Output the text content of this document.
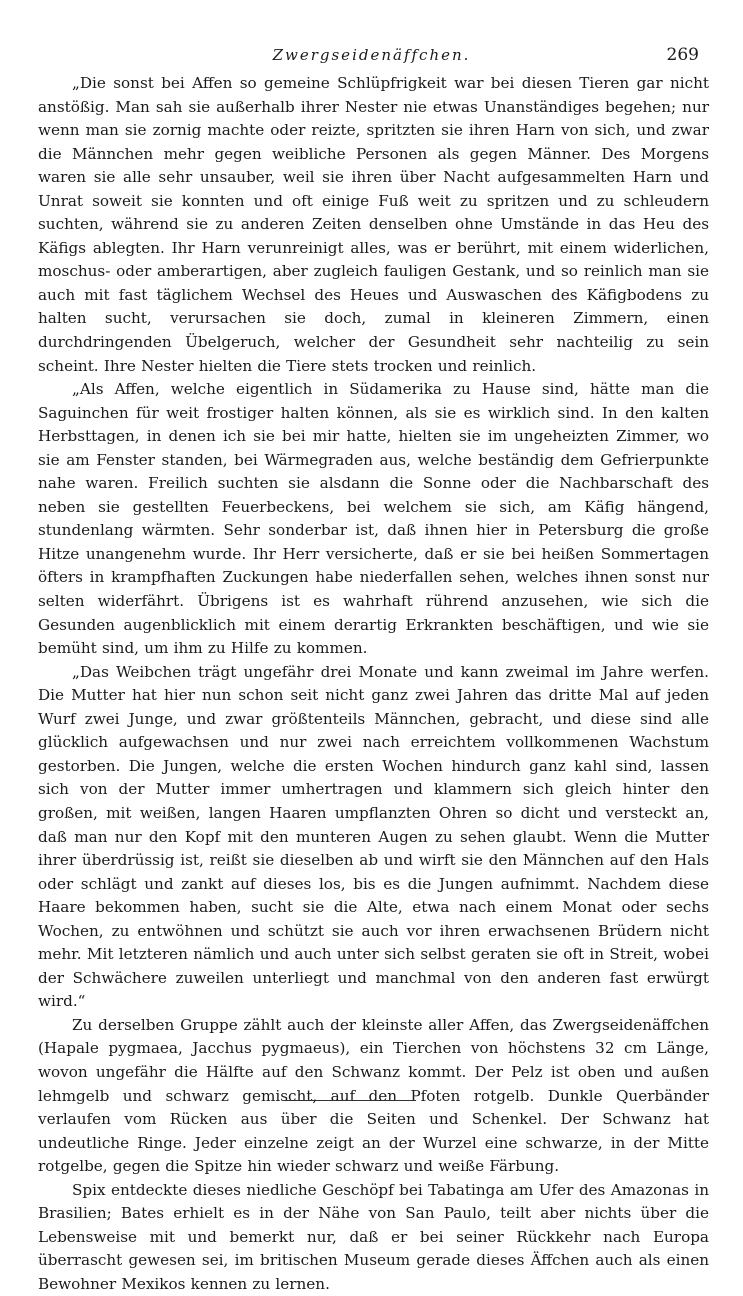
Zwergseidenäffchen.	269

„Die sonst bei Affen so gemeine Schlüpfrigkeit war bei diesen Tieren gar nicht anstößig. Man sah sie außerhalb ihrer Nester nie etwas Unanständiges begehen; nur wenn man sie zornig machte oder reizte, spritzten sie ihren Harn von sich, und zwar die Männchen mehr gegen weibliche Personen als gegen Männer. Des Morgens waren sie alle sehr unsauber, weil sie ihren über Nacht aufgesammelten Harn und Unrat soweit sie konnten und oft einige Fuß weit zu spritzen und zu schleudern suchten, während sie zu anderen Zeiten denselben ohne Umstände in das Heu des Käfigs ablegten. Ihr Harn verunreinigt alles, was er berührt, mit einem widerlichen, moschus- oder amberartigen, aber zugleich fauligen Gestank, und so reinlich man sie auch mit fast täglichem Wechsel des Heues und Auswaschen des Käfigbodens zu halten sucht, verursachen sie doch, zumal in kleineren Zimmern, einen durchdringenden Übelgeruch, welcher der Gesundheit sehr nachteilig zu sein scheint. Ihre Nester hielten die Tiere stets trocken und reinlich.

„Als Affen, welche eigentlich in Südamerika zu Hause sind, hätte man die Saguinchen für weit frostiger halten können, als sie es wirklich sind. In den kalten Herbsttagen, in denen ich sie bei mir hatte, hielten sie im ungeheizten Zimmer, wo sie am Fenster standen, bei Wärmegraden aus, welche beständig dem Gefrierpunkte nahe waren. Freilich suchten sie alsdann die Sonne oder die Nachbarschaft des neben sie gestellten Feuerbeckens, bei welchem sie sich, am Käfig hängend, stundenlang wärmten. Sehr sonderbar ist, daß ihnen hier in Petersburg die große Hitze unangenehm wurde. Ihr Herr versicherte, daß er sie bei heißen Sommertagen öfters in krampfhaften Zuckungen habe niederfallen sehen, welches ihnen sonst nur selten widerfährt. Übrigens ist es wahrhaft rührend anzusehen, wie sich die Gesunden augenblicklich mit einem derartig Erkrankten beschäftigen, und wie sie bemüht sind, um ihm zu Hilfe zu kommen.

„Das Weibchen trägt ungefähr drei Monate und kann zweimal im Jahre werfen. Die Mutter hat hier nun schon seit nicht ganz zwei Jahren das dritte Mal auf jeden Wurf zwei Junge, und zwar größtenteils Männchen, gebracht, und diese sind alle glücklich aufgewachsen und nur zwei nach erreichtem vollkommenen Wachstum gestorben. Die Jungen, welche die ersten Wochen hindurch ganz kahl sind, lassen sich von der Mutter immer umhertragen und klammern sich gleich hinter den großen, mit weißen, langen Haaren umpflanzten Ohren so dicht und versteckt an, daß man nur den Kopf mit den munteren Augen zu sehen glaubt. Wenn die Mutter ihrer überdrüssig ist, reißt sie dieselben ab und wirft sie den Männchen auf den Hals oder schlägt und zankt auf dieses los, bis es die Jungen aufnimmt. Nachdem diese Haare bekommen haben, sucht sie die Alte, etwa nach einem Monat oder sechs Wochen, zu entwöhnen und schützt sie auch vor ihren erwachsenen Brüdern nicht mehr. Mit letzteren nämlich und auch unter sich selbst geraten sie oft in Streit, wobei der Schwächere zuweilen unterliegt und manchmal von den anderen fast erwürgt wird.“

Zu derselben Gruppe zählt auch der kleinste aller Affen, das Zwergseidenäffchen (Hapale pygmaea, Jacchus pygmaeus), ein Tierchen von höchstens 32 cm Länge, wovon ungefähr die Hälfte auf den Schwanz kommt. Der Pelz ist oben und außen lehmgelb und schwarz gemischt, auf den Pfoten rotgelb. Dunkle Querbänder verlaufen vom Rücken aus über die Seiten und Schenkel. Der Schwanz hat undeutliche Ringe. Jeder einzelne zeigt an der Wurzel eine schwarze, in der Mitte rotgelbe, gegen die Spitze hin wieder schwarz und weiße Färbung.

Spix entdeckte dieses niedliche Geschöpf bei Tabatinga am Ufer des Amazonas in Brasilien; Bates erhielt es in der Nähe von San Paulo, teilt aber nichts über die Lebensweise mit und bemerkt nur, daß er bei seiner Rückkehr nach Europa überrascht gewesen sei, im britischen Museum gerade dieses Äffchen auch als einen Bewohner Mexikos kennen zu lernen.
